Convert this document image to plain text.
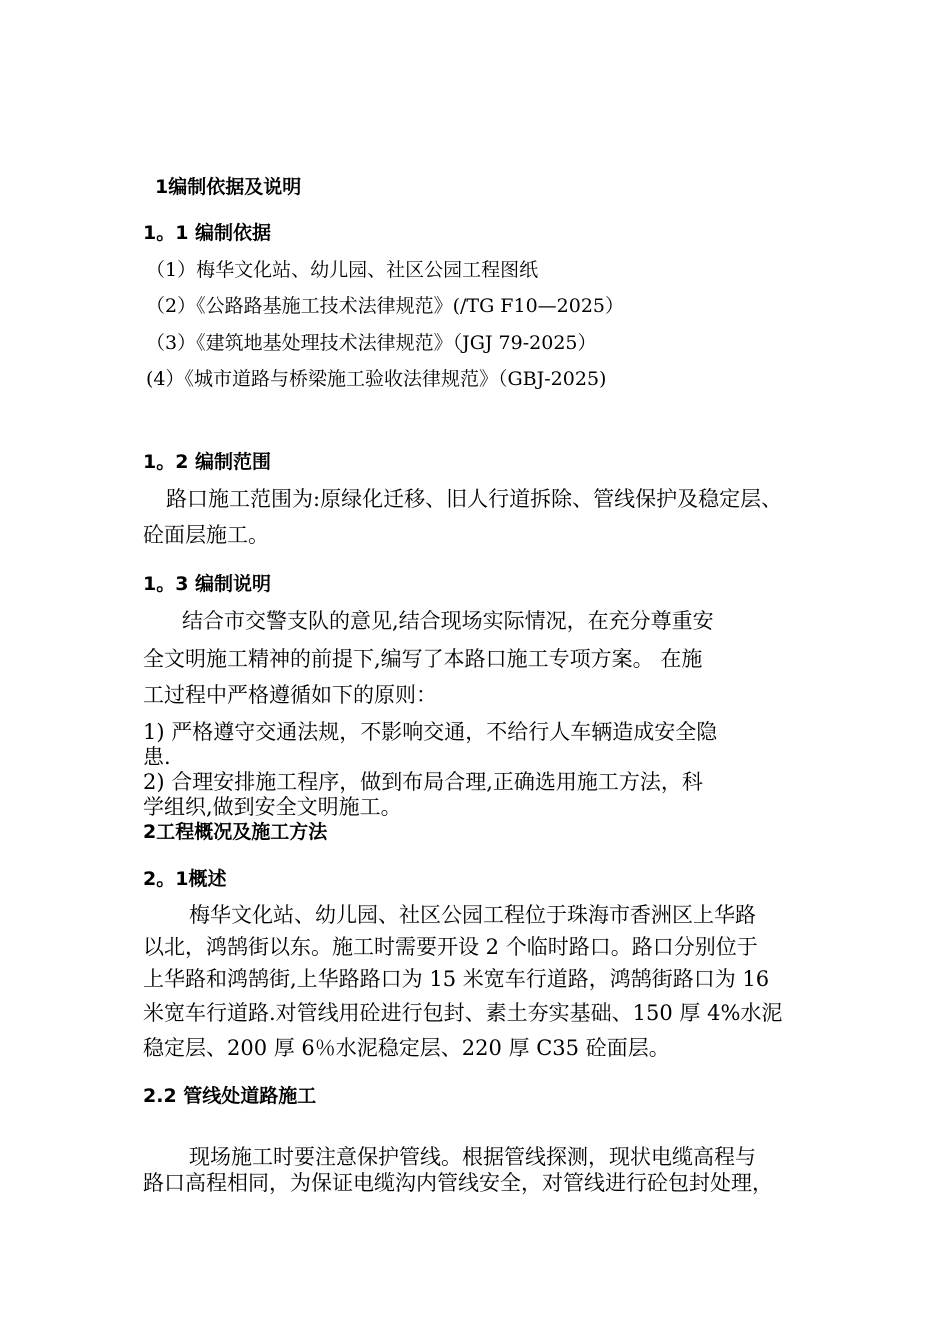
1编制依据及说明
1。1 编制依据
（1）梅华文化站、幼儿园、社区公园工程图纸
（2）《公路路基施工技术法律规范》(/TG F10—2025）
（3）《建筑地基处理技术法律规范》（JGJ 79-2025）
(4）《城市道路与桥梁施工验收法律规范》（GBJ-2025)
1。2 编制范围
路口施工范围为:原绿化迁移、旧人行道拆除、管线保护及稳定层、
砼面层施工。
1。3 编制说明
结合市交警支队的意见,结合现场实际情况，在充分尊重安
全文明施工精神的前提下,编写了本路口施工专项方案。 在施
工过程中严格遵循如下的原则：
1) 严格遵守交通法规，不影响交通，不给行人车辆造成安全隐
患.
2) 合理安排施工程序，做到布局合理,正确选用施工方法，科
学组织,做到安全文明施工。
2工程概况及施工方法
2。1概述
梅华文化站、幼儿园、社区公园工程位于珠海市香洲区上华路
以北，鸿鹄街以东。施工时需要开设 2 个临时路口。路口分别位于
上华路和鸿鹄街,上华路路口为 15 米宽车行道路，鸿鹄街路口为 16
米宽车行道路.对管线用砼进行包封、素土夯实基础、150 厚 4%水泥
稳定层、200 厚 6％水泥稳定层、220 厚 C35 砼面层。
2.2 管线处道路施工
现场施工时要注意保护管线。根据管线探测，现状电缆高程与
路口高程相同，为保证电缆沟内管线安全，对管线进行砼包封处理，
